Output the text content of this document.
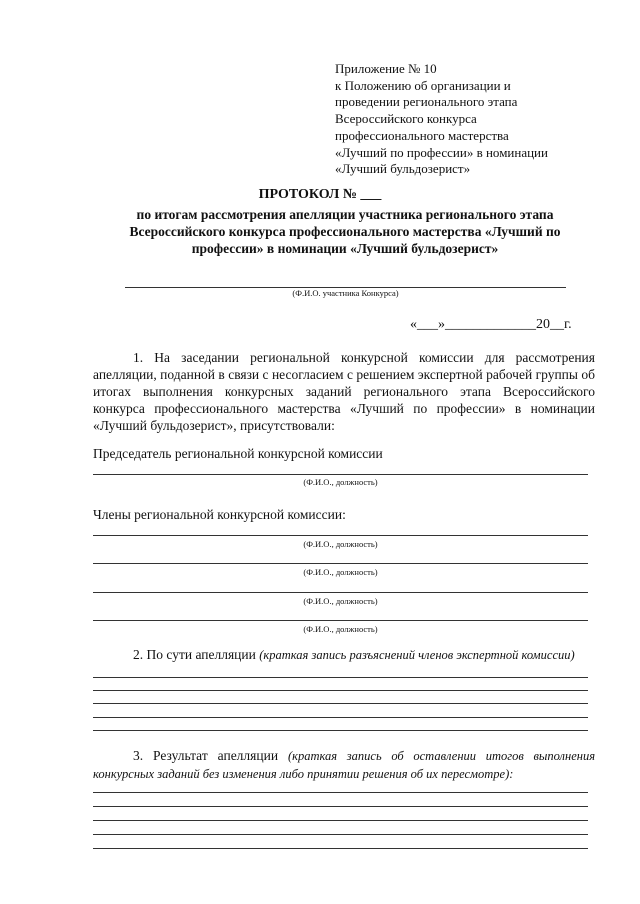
Приложение № 10
к Положению об организации и
проведении регионального этапа
Всероссийского конкурса
профессионального мастерства
«Лучший по профессии» в номинации
«Лучший бульдозерист»
ПРОТОКОЛ № ___
по итогам рассмотрения апелляции участника регионального этапа Всероссийского конкурса профессионального мастерства «Лучший по профессии» в номинации «Лучший бульдозерист»
(Ф.И.О. участника Конкурса)
«___»_____________20__г.
1. На заседании региональной конкурсной комиссии для рассмотрения апелляции, поданной в связи с несогласием с решением экспертной рабочей группы об итогах выполнения конкурсных заданий регионального этапа Всероссийского конкурса профессионального мастерства «Лучший по профессии» в номинации «Лучший бульдозерист», присутствовали:
Председатель региональной конкурсной комиссии
(Ф.И.О., должность)
Члены региональной конкурсной комиссии:
(Ф.И.О., должность)
(Ф.И.О., должность)
(Ф.И.О., должность)
(Ф.И.О., должность)
2. По сути апелляции (краткая запись разъяснений членов экспертной комиссии)
3. Результат апелляции (краткая запись об оставлении итогов выполнения конкурсных заданий без изменения либо принятии решения об их пересмотре):
